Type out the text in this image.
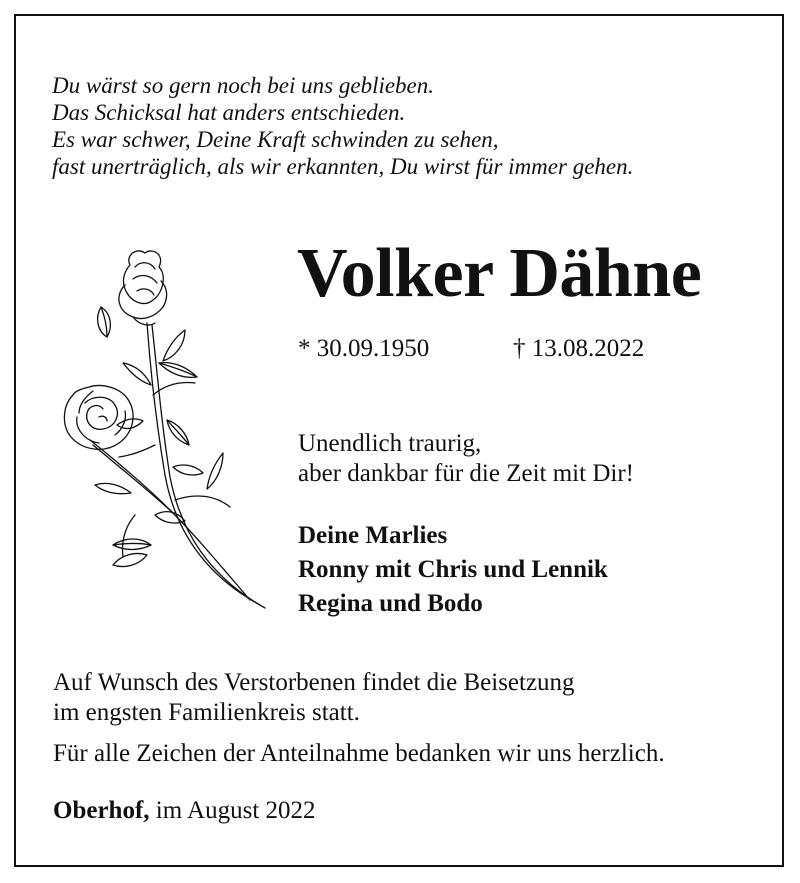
Du wärst so gern noch bei uns geblieben.
Das Schicksal hat anders entschieden.
Es war schwer, Deine Kraft schwinden zu sehen,
fast unerträglich, als wir erkannten, Du wirst für immer gehen.
Volker Dähne
* 30.09.1950	† 13.08.2022
Unendlich traurig,
aber dankbar für die Zeit mit Dir!
Deine Marlies
Ronny mit Chris und Lennik
Regina und Bodo
Auf Wunsch des Verstorbenen findet die Beisetzung
im engsten Familienkreis statt.
Für alle Zeichen der Anteilnahme bedanken wir uns herzlich.
Oberhof, im August 2022
